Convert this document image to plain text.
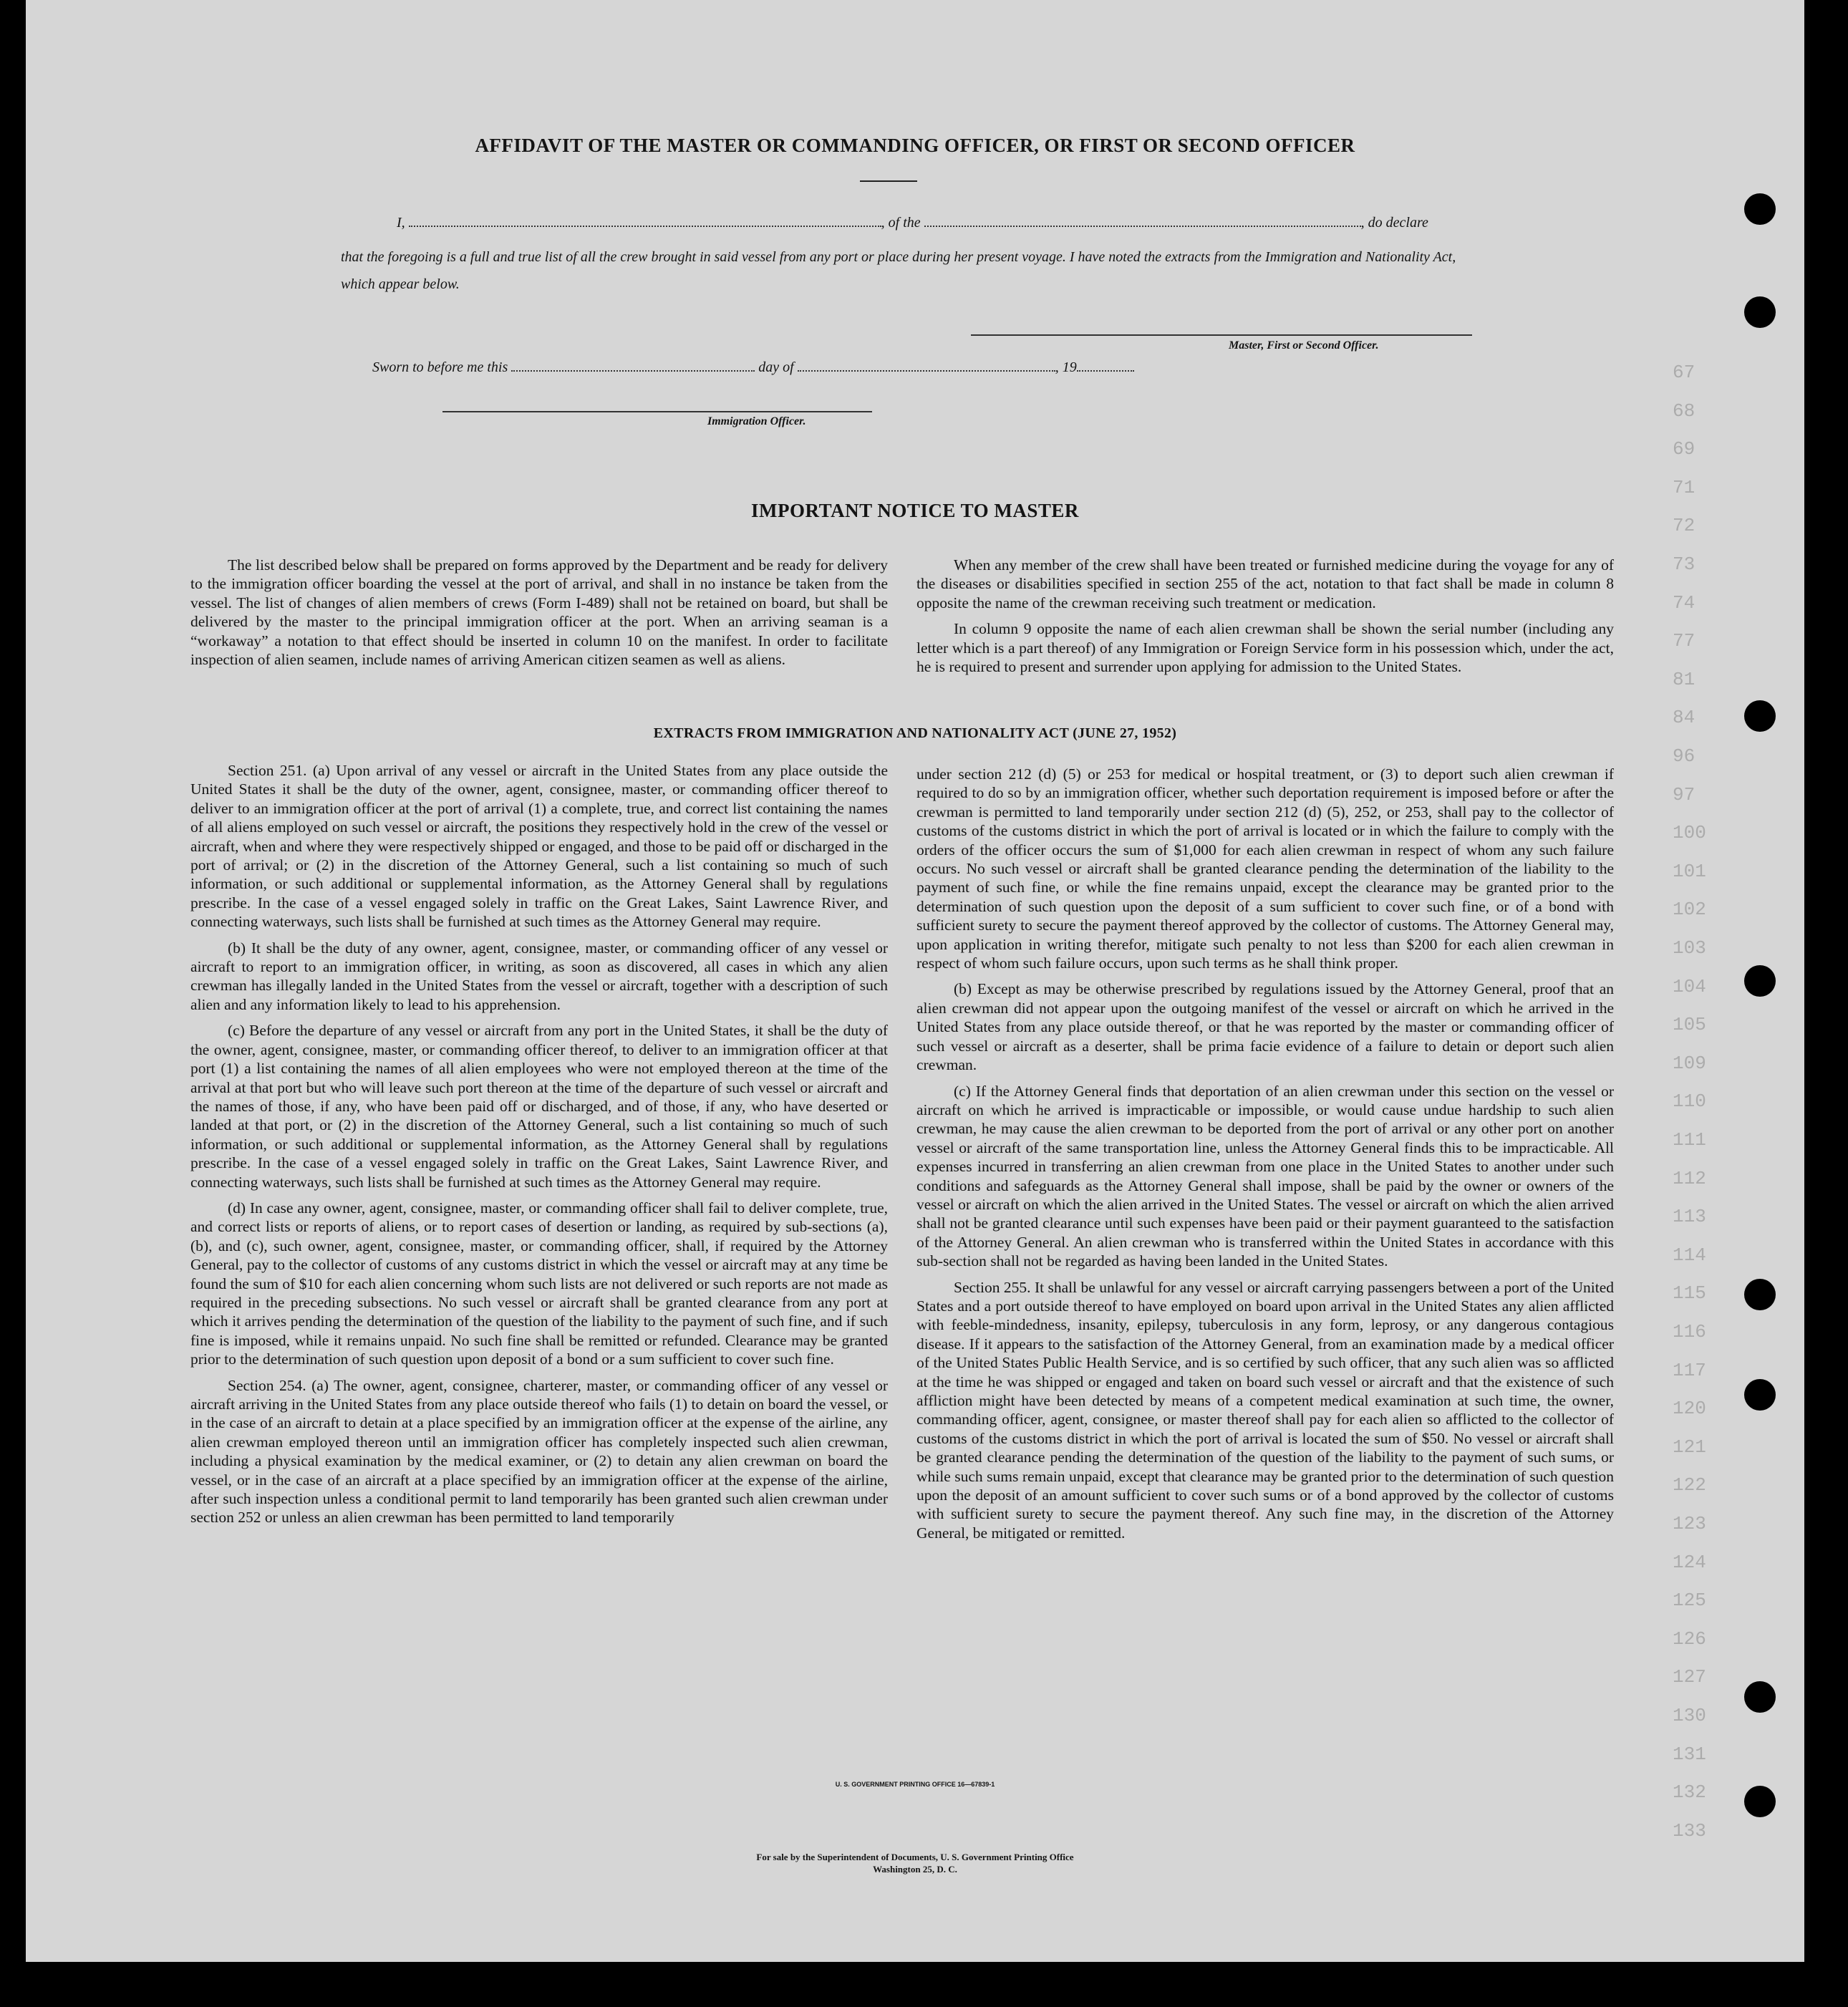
67
68
69
71
72
73
74
77
81
84
96
97
100
101
102
103
104
105
109
110
111
112
113
114
115
116
117
120
121
122
123
124
125
126
127
130
131
132
133
AFFIDAVIT OF THE MASTER OR COMMANDING OFFICER, OR FIRST OR SECOND OFFICER
I,	, of the	, do declare
that the foregoing is a full and true list of all the crew brought in said vessel from any port or place during her present voyage. I have noted the extracts from the Immigration and Nationality Act, which appear below.
Master, First or Second Officer.
Sworn to before me this	day of	, 19
Immigration Officer.
IMPORTANT NOTICE TO MASTER

The list described below shall be prepared on forms approved by the Department and be ready for delivery to the immigration officer boarding the vessel at the port of arrival, and shall in no instance be taken from the vessel. The list of changes of alien members of crews (Form I-489) shall not be retained on board, but shall be delivered by the master to the principal immigration officer at the port. When an arriving seaman is a “workaway” a notation to that effect should be inserted in column 10 on the manifest. In order to facilitate inspection of alien seamen, include names of arriving American citizen seamen as well as aliens.

When any member of the crew shall have been treated or furnished medicine during the voyage for any of the diseases or disabilities specified in section 255 of the act, notation to that fact shall be made in column 8 opposite the name of the crewman receiving such treatment or medication.

In column 9 opposite the name of each alien crewman shall be shown the serial number (including any letter which is a part thereof) of any Immigration or Foreign Service form in his possession which, under the act, he is required to present and surrender upon applying for admission to the United States.

EXTRACTS FROM IMMIGRATION AND NATIONALITY ACT (JUNE 27, 1952)

Section 251. (a) Upon arrival of any vessel or aircraft in the United States from any place outside the United States it shall be the duty of the owner, agent, consignee, master, or commanding officer thereof to deliver to an immigration officer at the port of arrival (1) a complete, true, and correct list containing the names of all aliens employed on such vessel or aircraft, the positions they respectively hold in the crew of the vessel or aircraft, when and where they were respectively shipped or engaged, and those to be paid off or discharged in the port of arrival; or (2) in the discretion of the Attorney General, such a list containing so much of such information, or such additional or supplemental information, as the Attorney General shall by regulations prescribe. In the case of a vessel engaged solely in traffic on the Great Lakes, Saint Lawrence River, and connecting waterways, such lists shall be furnished at such times as the Attorney General may require.

(b) It shall be the duty of any owner, agent, consignee, master, or commanding officer of any vessel or aircraft to report to an immigration officer, in writing, as soon as discovered, all cases in which any alien crewman has illegally landed in the United States from the vessel or aircraft, together with a description of such alien and any information likely to lead to his apprehension.

(c) Before the departure of any vessel or aircraft from any port in the United States, it shall be the duty of the owner, agent, consignee, master, or commanding officer thereof, to deliver to an immigration officer at that port (1) a list containing the names of all alien employees who were not employed thereon at the time of the arrival at that port but who will leave such port thereon at the time of the departure of such vessel or aircraft and the names of those, if any, who have been paid off or discharged, and of those, if any, who have deserted or landed at that port, or (2) in the discretion of the Attorney General, such a list containing so much of such information, or such additional or supplemental information, as the Attorney General shall by regulations prescribe. In the case of a vessel engaged solely in traffic on the Great Lakes, Saint Lawrence River, and connecting waterways, such lists shall be furnished at such times as the Attorney General may require.

(d) In case any owner, agent, consignee, master, or commanding officer shall fail to deliver complete, true, and correct lists or reports of aliens, or to report cases of desertion or landing, as required by sub-sections (a), (b), and (c), such owner, agent, consignee, master, or commanding officer, shall, if required by the Attorney General, pay to the collector of customs of any customs district in which the vessel or aircraft may at any time be found the sum of $10 for each alien concerning whom such lists are not delivered or such reports are not made as required in the preceding subsections. No such vessel or aircraft shall be granted clearance from any port at which it arrives pending the determination of the question of the liability to the payment of such fine, and if such fine is imposed, while it remains unpaid. No such fine shall be remitted or refunded. Clearance may be granted prior to the determination of such question upon deposit of a bond or a sum sufficient to cover such fine.

Section 254. (a) The owner, agent, consignee, charterer, master, or commanding officer of any vessel or aircraft arriving in the United States from any place outside thereof who fails (1) to detain on board the vessel, or in the case of an aircraft to detain at a place specified by an immigration officer at the expense of the airline, any alien crewman employed thereon until an immigration officer has completely inspected such alien crewman, including a physical examination by the medical examiner, or (2) to detain any alien crewman on board the vessel, or in the case of an aircraft at a place specified by an immigration officer at the expense of the airline, after such inspection unless a conditional permit to land temporarily has been granted such alien crewman under section 252 or unless an alien crewman has been permitted to land temporarily

under section 212 (d) (5) or 253 for medical or hospital treatment, or (3) to deport such alien crewman if required to do so by an immigration officer, whether such deportation requirement is imposed before or after the crewman is permitted to land temporarily under section 212 (d) (5), 252, or 253, shall pay to the collector of customs of the customs district in which the port of arrival is located or in which the failure to comply with the orders of the officer occurs the sum of $1,000 for each alien crewman in respect of whom any such failure occurs. No such vessel or aircraft shall be granted clearance pending the determination of the liability to the payment of such fine, or while the fine remains unpaid, except the clearance may be granted prior to the determination of such question upon the deposit of a sum sufficient to cover such fine, or of a bond with sufficient surety to secure the payment thereof approved by the collector of customs. The Attorney General may, upon application in writing therefor, mitigate such penalty to not less than $200 for each alien crewman in respect of whom such failure occurs, upon such terms as he shall think proper.

(b) Except as may be otherwise prescribed by regulations issued by the Attorney General, proof that an alien crewman did not appear upon the outgoing manifest of the vessel or aircraft on which he arrived in the United States from any place outside thereof, or that he was reported by the master or commanding officer of such vessel or aircraft as a deserter, shall be prima facie evidence of a failure to detain or deport such alien crewman.

(c) If the Attorney General finds that deportation of an alien crewman under this section on the vessel or aircraft on which he arrived is impracticable or impossible, or would cause undue hardship to such alien crewman, he may cause the alien crewman to be deported from the port of arrival or any other port on another vessel or aircraft of the same transportation line, unless the Attorney General finds this to be impracticable. All expenses incurred in transferring an alien crewman from one place in the United States to another under such conditions and safeguards as the Attorney General shall impose, shall be paid by the owner or owners of the vessel or aircraft on which the alien arrived in the United States. The vessel or aircraft on which the alien arrived shall not be granted clearance until such expenses have been paid or their payment guaranteed to the satisfaction of the Attorney General. An alien crewman who is transferred within the United States in accordance with this sub-section shall not be regarded as having been landed in the United States.

Section 255. It shall be unlawful for any vessel or aircraft carrying passengers between a port of the United States and a port outside thereof to have employed on board upon arrival in the United States any alien afflicted with feeble-mindedness, insanity, epilepsy, tuberculosis in any form, leprosy, or any dangerous contagious disease. If it appears to the satisfaction of the Attorney General, from an examination made by a medical officer of the United States Public Health Service, and is so certified by such officer, that any such alien was so afflicted at the time he was shipped or engaged and taken on board such vessel or aircraft and that the existence of such affliction might have been detected by means of a competent medical examination at such time, the owner, commanding officer, agent, consignee, or master thereof shall pay for each alien so afflicted to the collector of customs of the customs district in which the port of arrival is located the sum of $50. No vessel or aircraft shall be granted clearance pending the determination of the question of the liability to the payment of such sums, or while such sums remain unpaid, except that clearance may be granted prior to the determination of such question upon the deposit of an amount sufficient to cover such sums or of a bond approved by the collector of customs with sufficient surety to secure the payment thereof. Any such fine may, in the discretion of the Attorney General, be mitigated or remitted.

U. S. GOVERNMENT PRINTING OFFICE 16—67839-1
For sale by the Superintendent of Documents, U. S. Government Printing Office
Washington 25, D. C.
